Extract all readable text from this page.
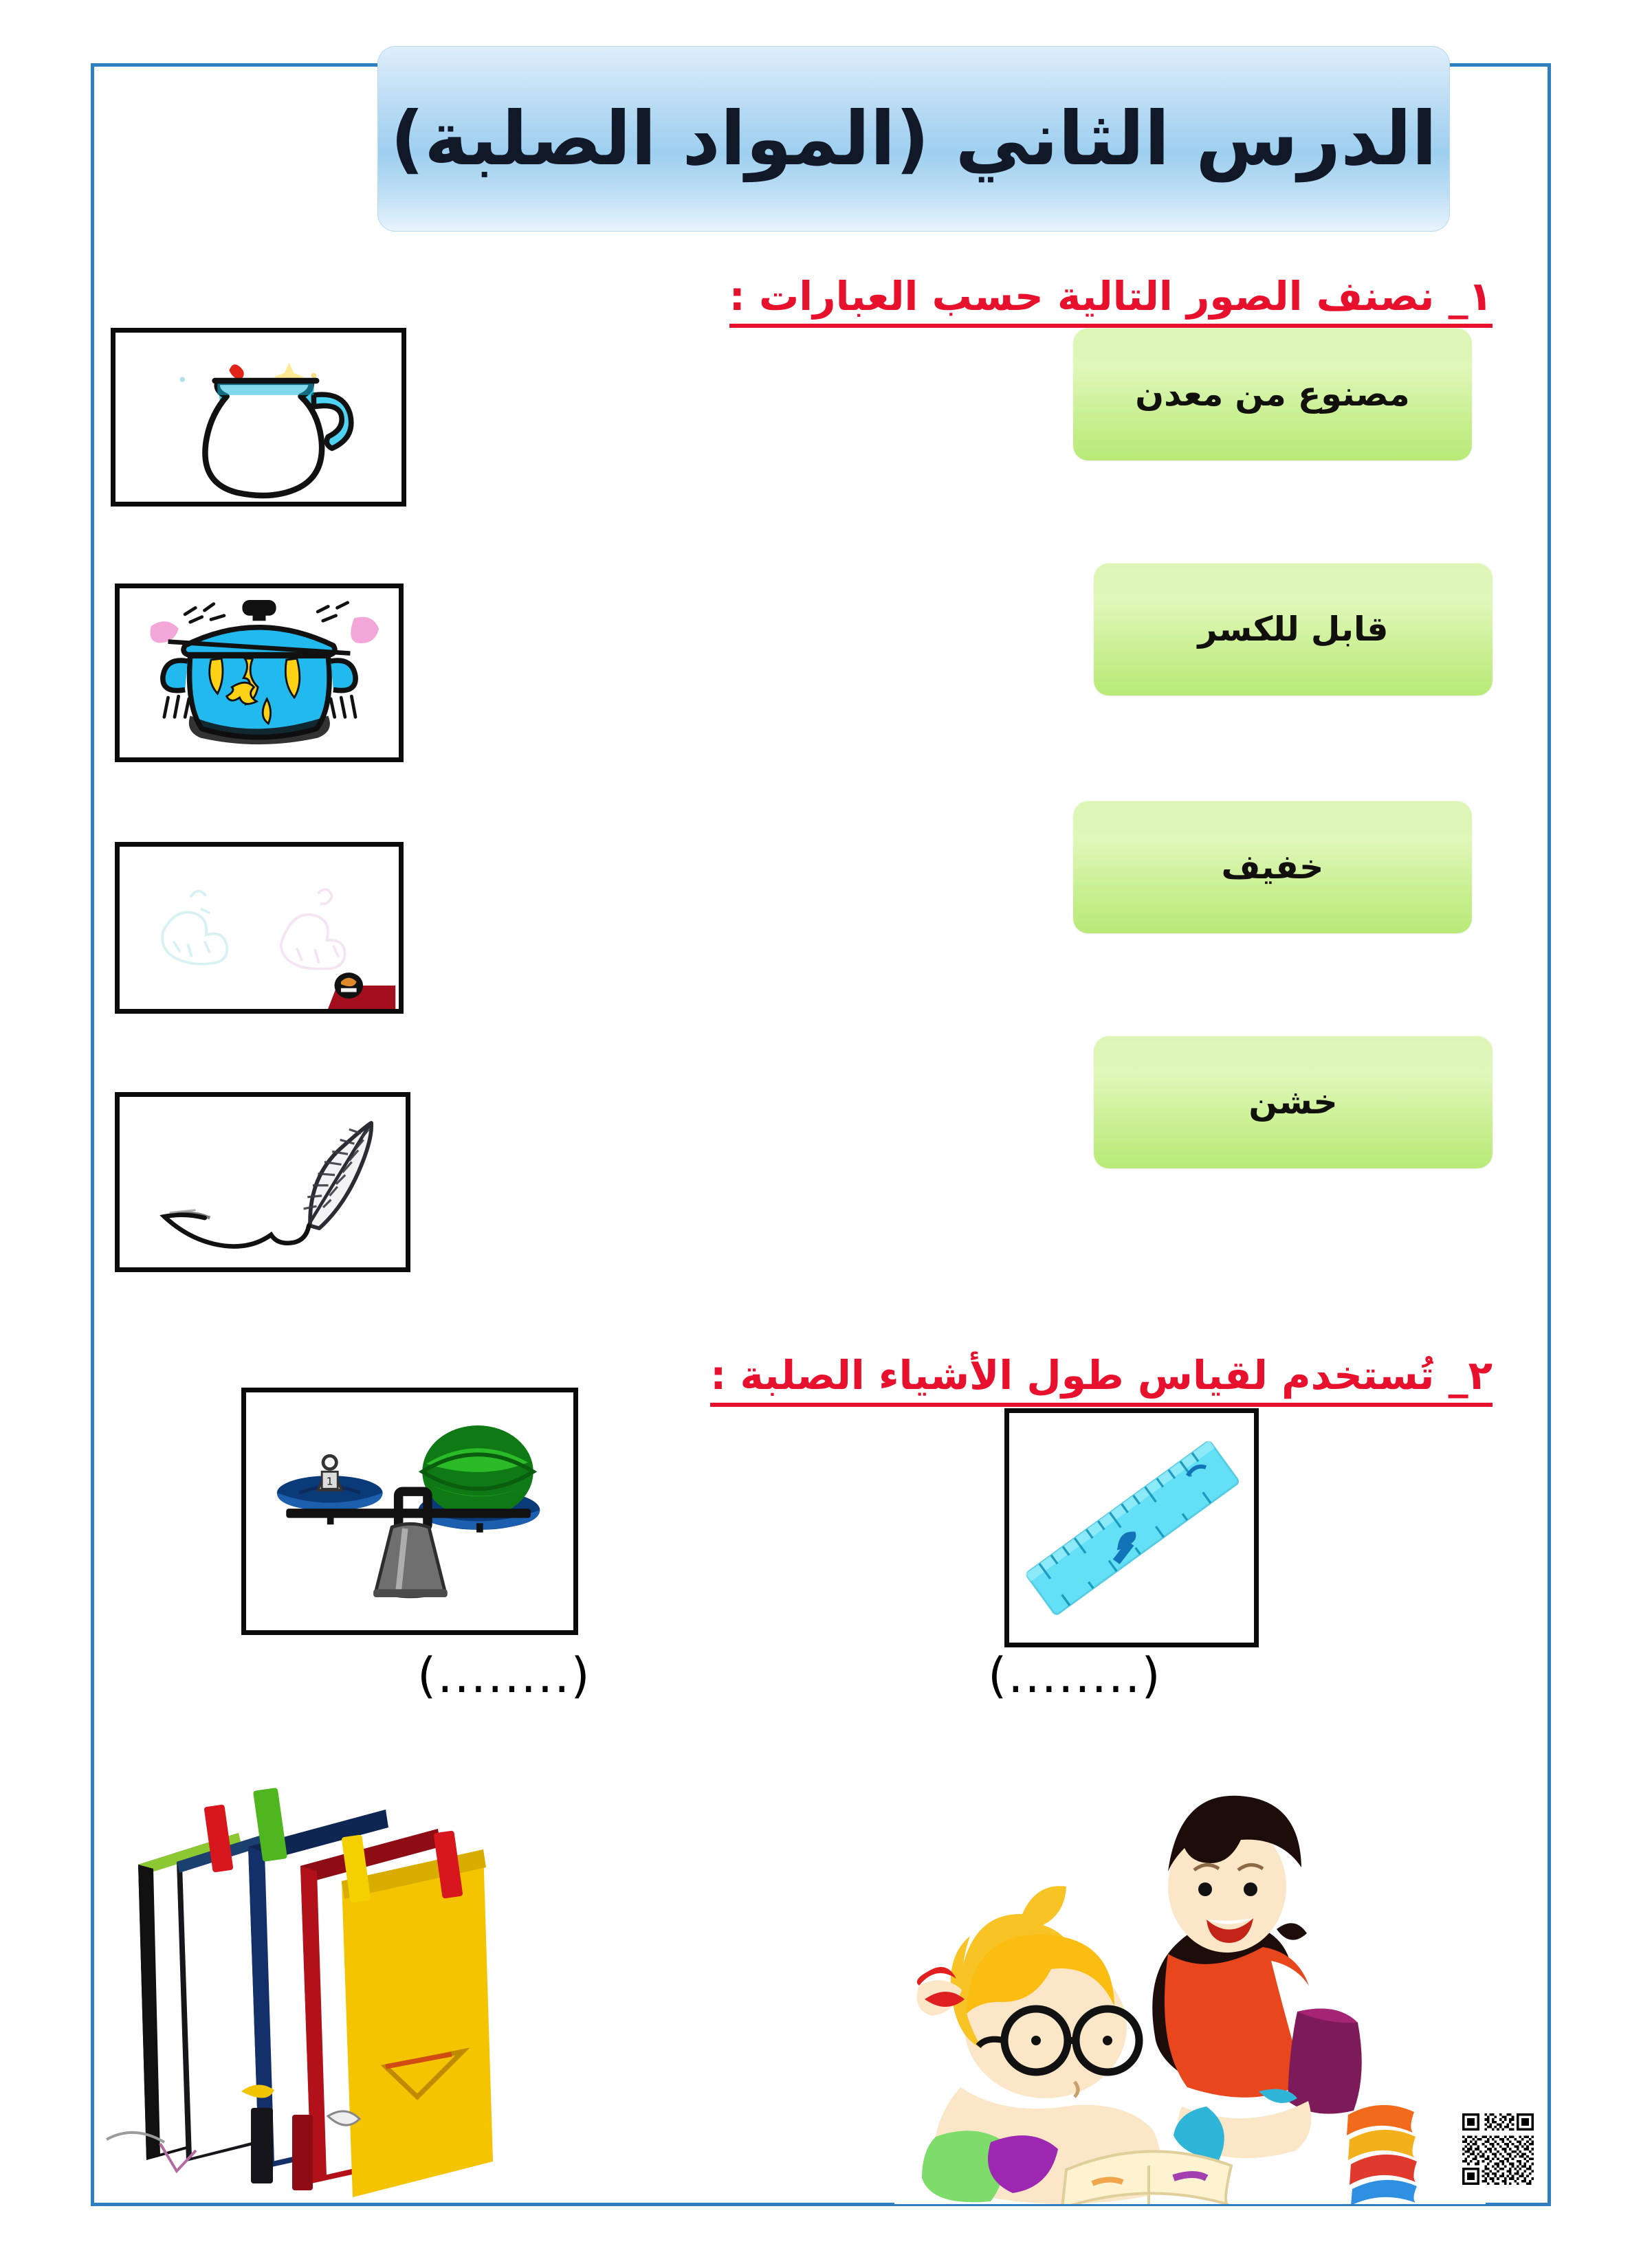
الدرس الثاني (المواد الصلبة)
١_ نصنف الصور التالية حسب العبارات :
مصنوع من معدن
قابل للكسر
خفيف
خشن
٢_ تُستخدم لقياس طول الأشياء الصلبة :
1
(........)	(........)
